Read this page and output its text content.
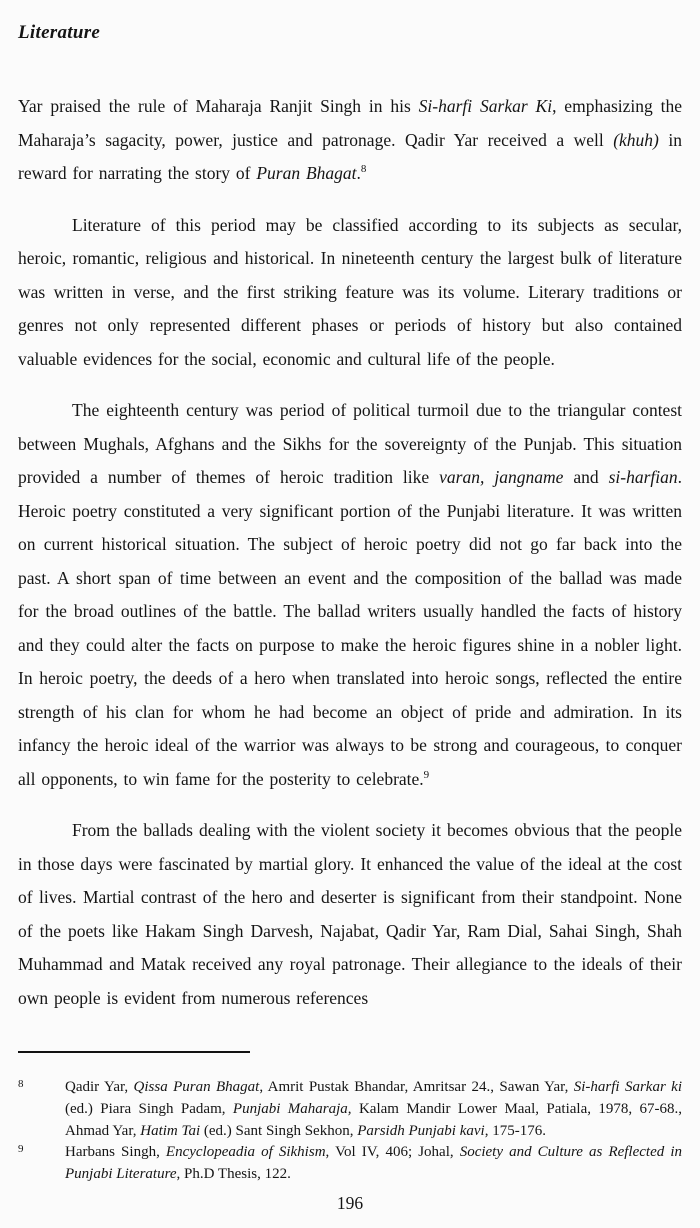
Literature

Yar praised the rule of Maharaja Ranjit Singh in his Si-harfi Sarkar Ki, emphasizing the Maharaja’s sagacity, power, justice and patronage. Qadir Yar received a well (khuh) in reward for narrating the story of Puran Bhagat.$^8$

Literature of this period may be classified according to its subjects as secular, heroic, romantic, religious and historical. In nineteenth century the largest bulk of literature was written in verse, and the first striking feature was its volume. Literary traditions or genres not only represented different phases or periods of history but also contained valuable evidences for the social, economic and cultural life of the people.

The eighteenth century was period of political turmoil due to the triangular contest between Mughals, Afghans and the Sikhs for the sovereignty of the Punjab. This situation provided a number of themes of heroic tradition like varan, jangname and si-harfian. Heroic poetry constituted a very significant portion of the Punjabi literature. It was written on current historical situation. The subject of heroic poetry did not go far back into the past. A short span of time between an event and the composition of the ballad was made for the broad outlines of the battle. The ballad writers usually handled the facts of history and they could alter the facts on purpose to make the heroic figures shine in a nobler light. In heroic poetry, the deeds of a hero when translated into heroic songs, reflected the entire strength of his clan for whom he had become an object of pride and admiration. In its infancy the heroic ideal of the warrior was always to be strong and courageous, to conquer all opponents, to win fame for the posterity to celebrate.$^9$

From the ballads dealing with the violent society it becomes obvious that the people in those days were fascinated by martial glory. It enhanced the value of the ideal at the cost of lives. Martial contrast of the hero and deserter is significant from their standpoint. None of the poets like Hakam Singh Darvesh, Najabat, Qadir Yar, Ram Dial, Sahai Singh, Shah Muhammad and Matak received any royal patronage. Their allegiance to the ideals of their own people is evident from numerous references

8	Qadir Yar, Qissa Puran Bhagat, Amrit Pustak Bhandar, Amritsar 24., Sawan Yar, Si-harfi Sarkar ki (ed.) Piara Singh Padam, Punjabi Maharaja, Kalam Mandir Lower Maal, Patiala, 1978, 67-68., Ahmad Yar, Hatim Tai (ed.) Sant Singh Sekhon, Parsidh Punjabi kavi, 175-176.
9	Harbans Singh, Encyclopeadia of Sikhism, Vol IV, 406; Johal, Society and Culture as Reflected in Punjabi Literature, Ph.D Thesis, 122.
196
